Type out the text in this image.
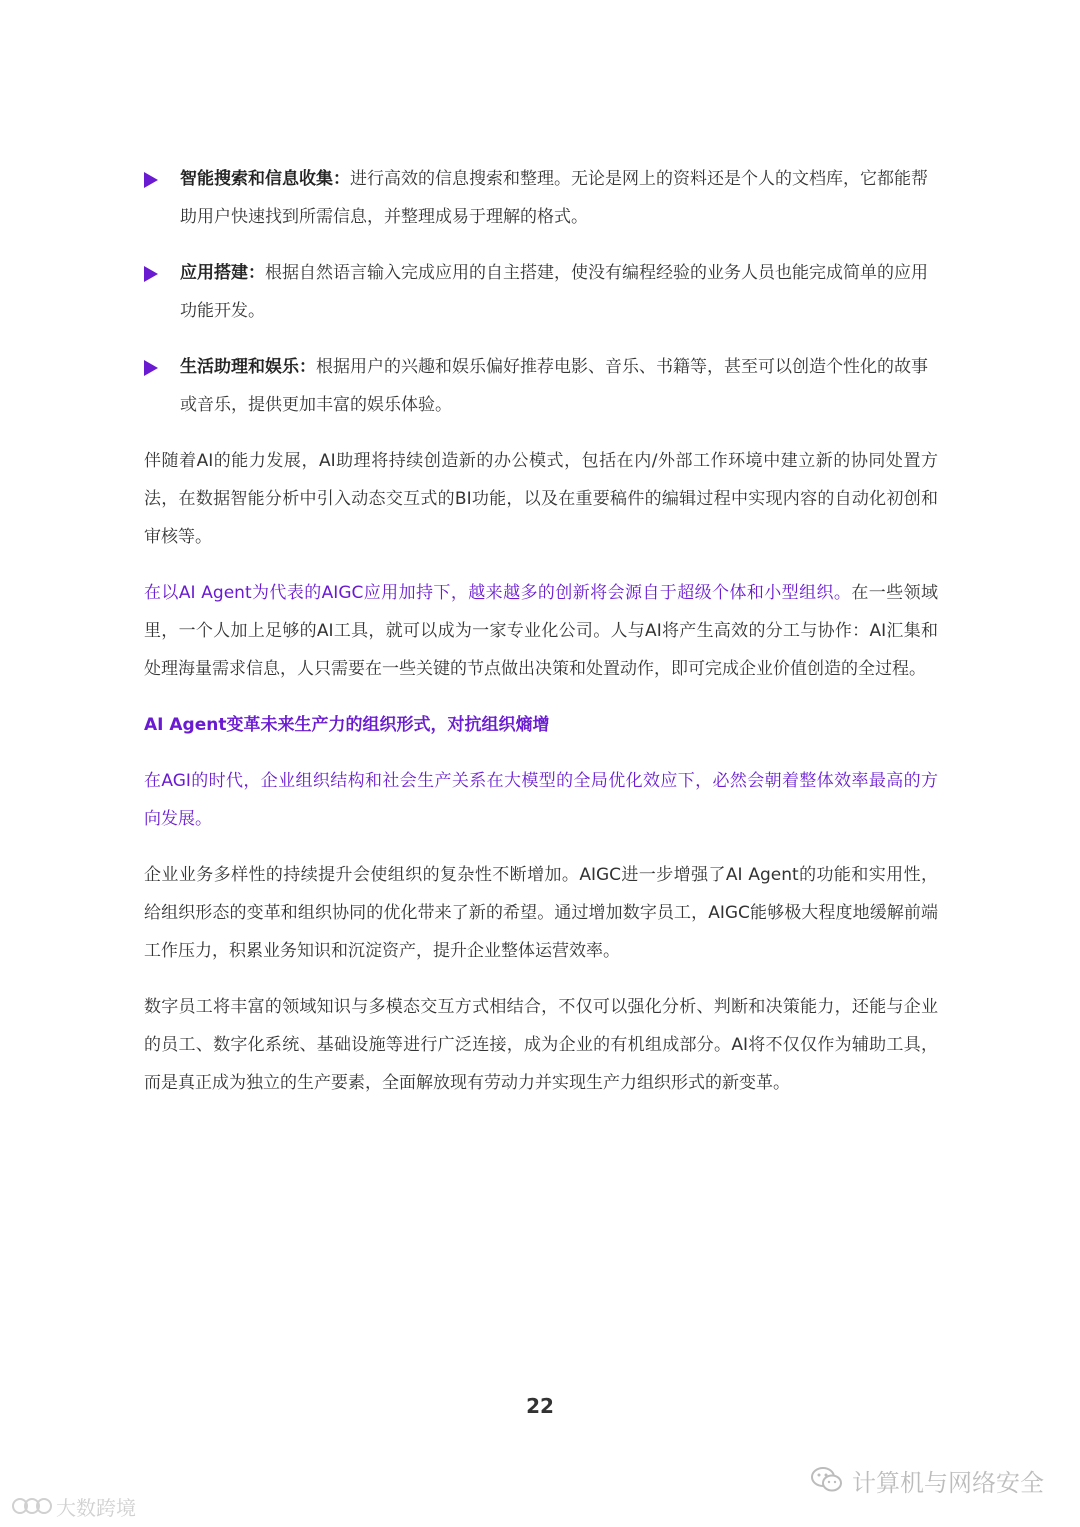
智能搜索和信息收集：进行高效的信息搜索和整理。无论是网上的资料还是个人的文档库，它都能帮助用户快速找到所需信息，并整理成易于理解的格式。
应用搭建：根据自然语言输入完成应用的自主搭建，使没有编程经验的业务人员也能完成简单的应用功能开发。
生活助理和娱乐：根据用户的兴趣和娱乐偏好推荐电影、音乐、书籍等，甚至可以创造个性化的故事或音乐，提供更加丰富的娱乐体验。

伴随着AI的能力发展，AI助理将持续创造新的办公模式，包括在内/外部工作环境中建立新的协同处置方法，在数据智能分析中引入动态交互式的BI功能，以及在重要稿件的编辑过程中实现内容的自动化初创和审核等。

在以AI Agent为代表的AIGC应用加持下，越来越多的创新将会源自于超级个体和小型组织。在一些领域里，一个人加上足够的AI工具，就可以成为一家专业化公司。人与AI将产生高效的分工与协作：AI汇集和处理海量需求信息，人只需要在一些关键的节点做出决策和处置动作，即可完成企业价值创造的全过程。

AI Agent变革未来生产力的组织形式，对抗组织熵增

在AGI的时代，企业组织结构和社会生产关系在大模型的全局优化效应下，必然会朝着整体效率最高的方向发展。

企业业务多样性的持续提升会使组织的复杂性不断增加。AIGC进一步增强了AI Agent的功能和实用性，给组织形态的变革和组织协同的优化带来了新的希望。通过增加数字员工，AIGC能够极大程度地缓解前端工作压力，积累业务知识和沉淀资产，提升企业整体运营效率。

数字员工将丰富的领域知识与多模态交互方式相结合，不仅可以强化分析、判断和决策能力，还能与企业的员工、数字化系统、基础设施等进行广泛连接，成为企业的有机组成部分。AI将不仅仅作为辅助工具，而是真正成为独立的生产要素，全面解放现有劳动力并实现生产力组织形式的新变革。

22
计算机与网络安全
大数跨境
